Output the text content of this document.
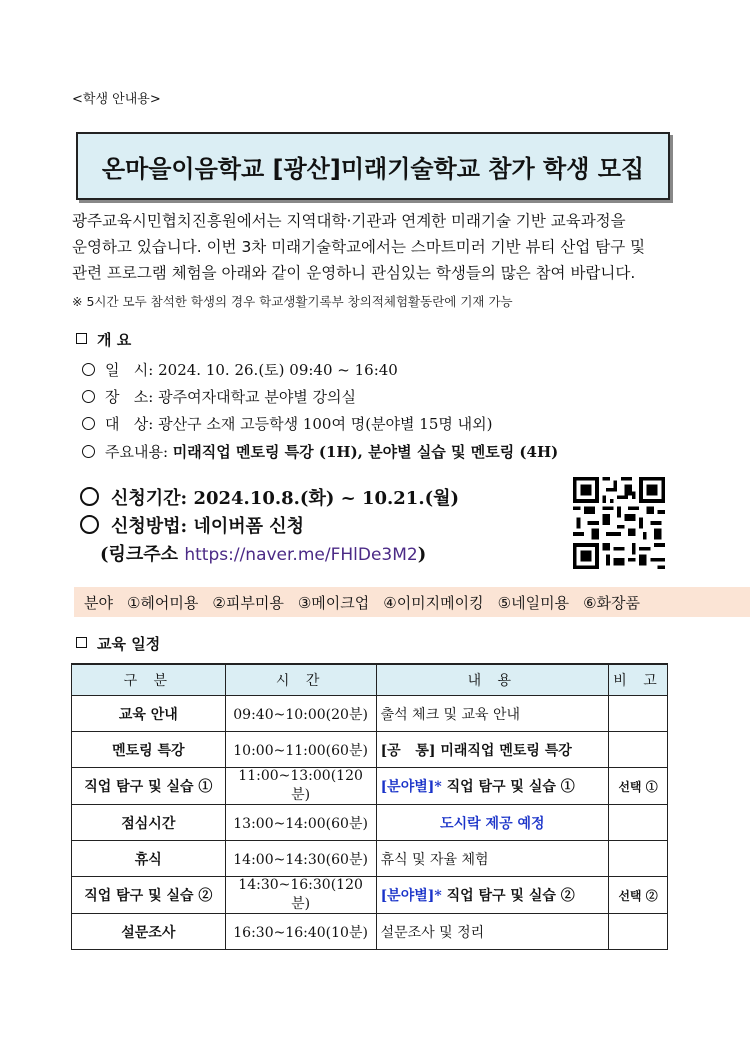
<학생 안내용>
온마을이음학교 [광산]미래기술학교 참가 학생 모집
광주교육시민협치진흥원에서는 지역대학·기관과 연계한 미래기술 기반 교육과정을
운영하고 있습니다. 이번 3차 미래기술학교에서는 스마트미러 기반 뷰티 산업 탐구 및
관련 프로그램 체험을 아래와 같이 운영하니 관심있는 학생들의 많은 참여 바랍니다.
※ 5시간 모두 참석한 학생의 경우 학교생활기록부 창의적체험활동란에 기재 가능
개 요
일   시: 2024. 10. 26.(토) 09:40 ~ 16:40
장   소: 광주여자대학교 분야별 강의실
대   상: 광산구 소재 고등학생 100여 명(분야별 15명 내외)
주요내용: 미래직업 멘토링 특강 (1H), 분야별 실습 및 멘토링 (4H)
신청기간: 2024.10.8.(화) ~ 10.21.(월)
신청방법: 네이버폼 신청
(링크주소 https://naver.me/FHlDe3M2)
분야 ①헤어미용 ②피부미용 ③메이크업 ④이미지메이킹 ⑤네일미용 ⑥화장품
교육 일정
구 분	시 간	내 용	비 고
교육 안내	09:40~10:00(20분)	출석 체크 및 교육 안내	
멘토링 특강	10:00~11:00(60분)	[공   통] 미래직업 멘토링 특강	
직업 탐구 및 실습 ①	11:00~13:00(120분)	[분야별]* 직업 탐구 및 실습 ①	선택 ①
점심시간	13:00~14:00(60분)	도시락 제공 예정	
휴식	14:00~14:30(60분)	휴식 및 자율 체험	
직업 탐구 및 실습 ②	14:30~16:30(120분)	[분야별]* 직업 탐구 및 실습 ②	선택 ②
설문조사	16:30~16:40(10분)	설문조사 및 정리	
